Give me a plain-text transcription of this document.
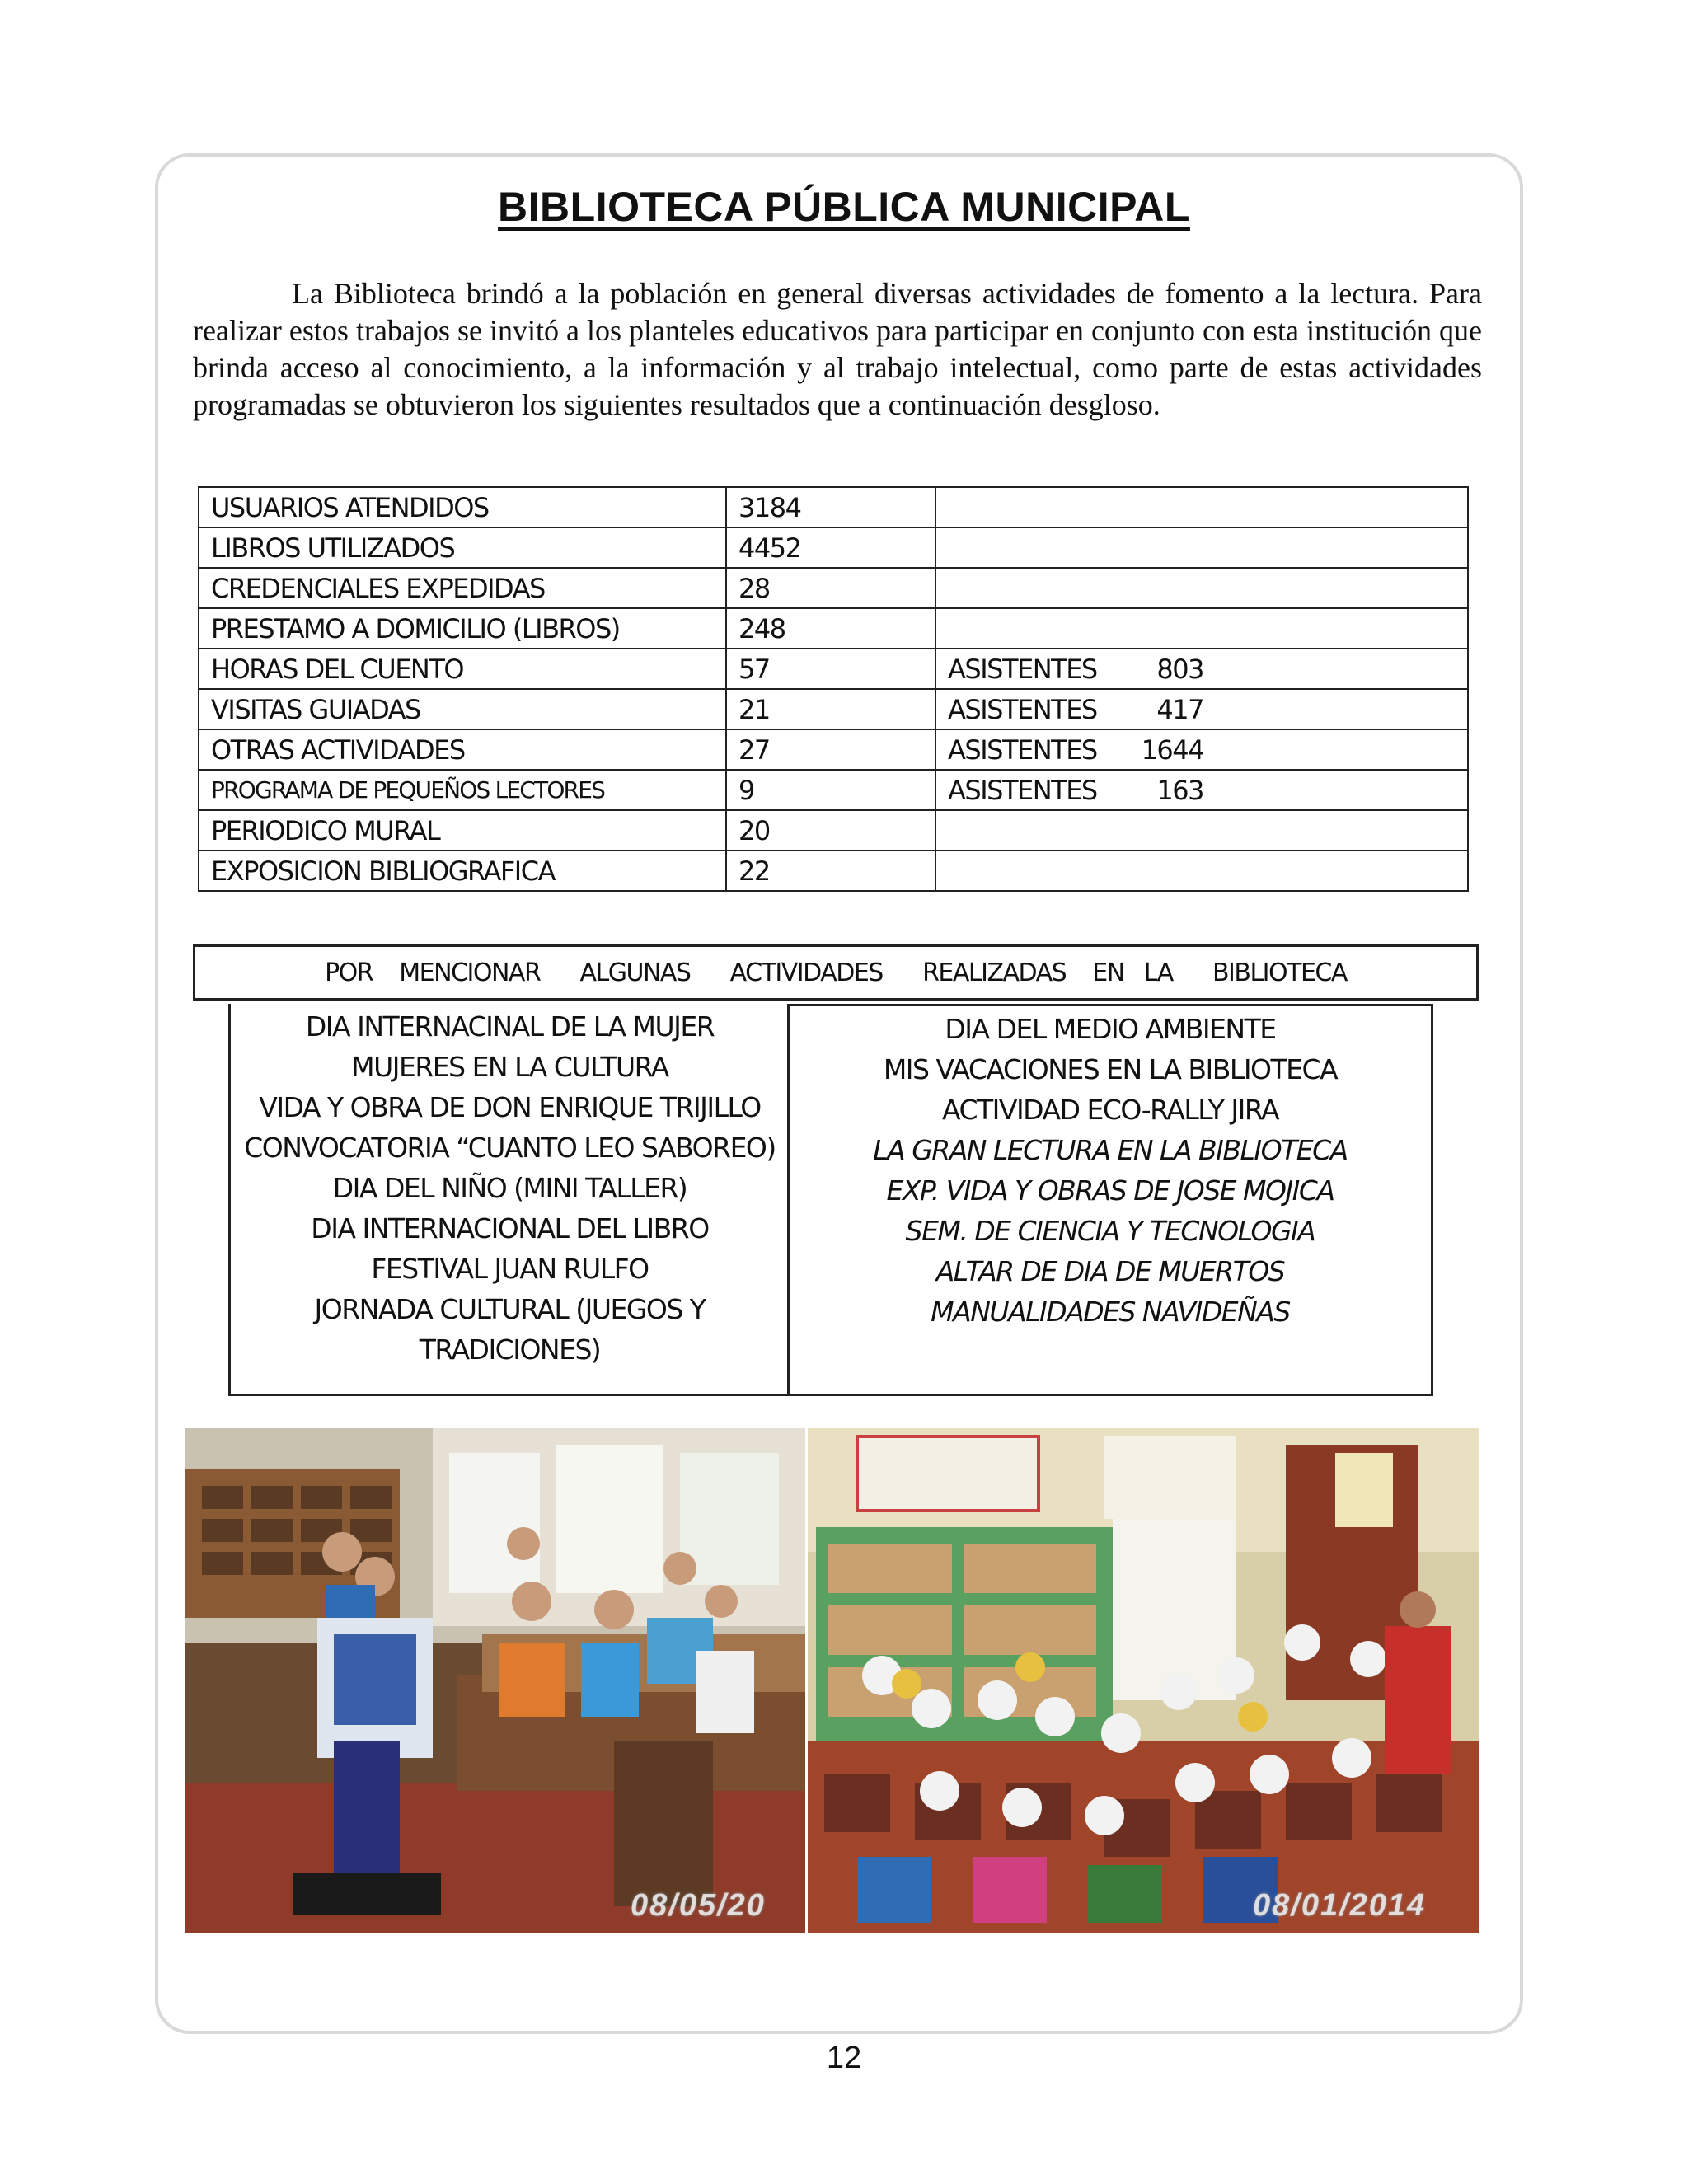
BIBLIOTECA PÚBLICA MUNICIPAL

La Biblioteca brindó a la población en general diversas actividades de fomento a la lectura. Para realizar estos trabajos se invitó a los planteles educativos para participar en conjunto con esta institución que brinda acceso al conocimiento, a la información y al trabajo intelectual, como parte de estas actividades programadas se obtuvieron los siguientes resultados que a continuación desgloso.

USUARIOS ATENDIDOS	3184	
LIBROS UTILIZADOS	4452	
CREDENCIALES EXPEDIDAS	28	
PRESTAMO A DOMICILIO (LIBROS)	248	
HORAS DEL CUENTO	57	ASISTENTES 803
VISITAS GUIADAS	21	ASISTENTES 417
OTRAS ACTIVIDADES	27	ASISTENTES 1644
PROGRAMA DE PEQUEÑOS LECTORES	9	ASISTENTES 163
PERIODICO MURAL	20	
EXPOSICION BIBLIOGRAFICA	22	
POR    MENCIONAR      ALGUNAS      ACTIVIDADES      REALIZADAS    EN   LA      BIBLIOTECA
DIA INTERNACINAL DE LA MUJER
MUJERES EN LA CULTURA
VIDA Y OBRA DE DON ENRIQUE TRIJILLO
CONVOCATORIA “CUANTO LEO SABOREO)
DIA DEL NIÑO (MINI TALLER)
DIA INTERNACIONAL DEL LIBRO
FESTIVAL JUAN RULFO
JORNADA CULTURAL (JUEGOS Y
TRADICIONES)
DIA DEL MEDIO AMBIENTE
MIS VACACIONES EN LA BIBLIOTECA
ACTIVIDAD ECO-RALLY JIRA
LA GRAN LECTURA EN LA BIBLIOTECA
EXP. VIDA Y OBRAS DE JOSE MOJICA
SEM. DE CIENCIA Y TECNOLOGIA
ALTAR DE DIA DE MUERTOS
MANUALIDADES NAVIDEÑAS
08/05/20	08/01/2014
12
